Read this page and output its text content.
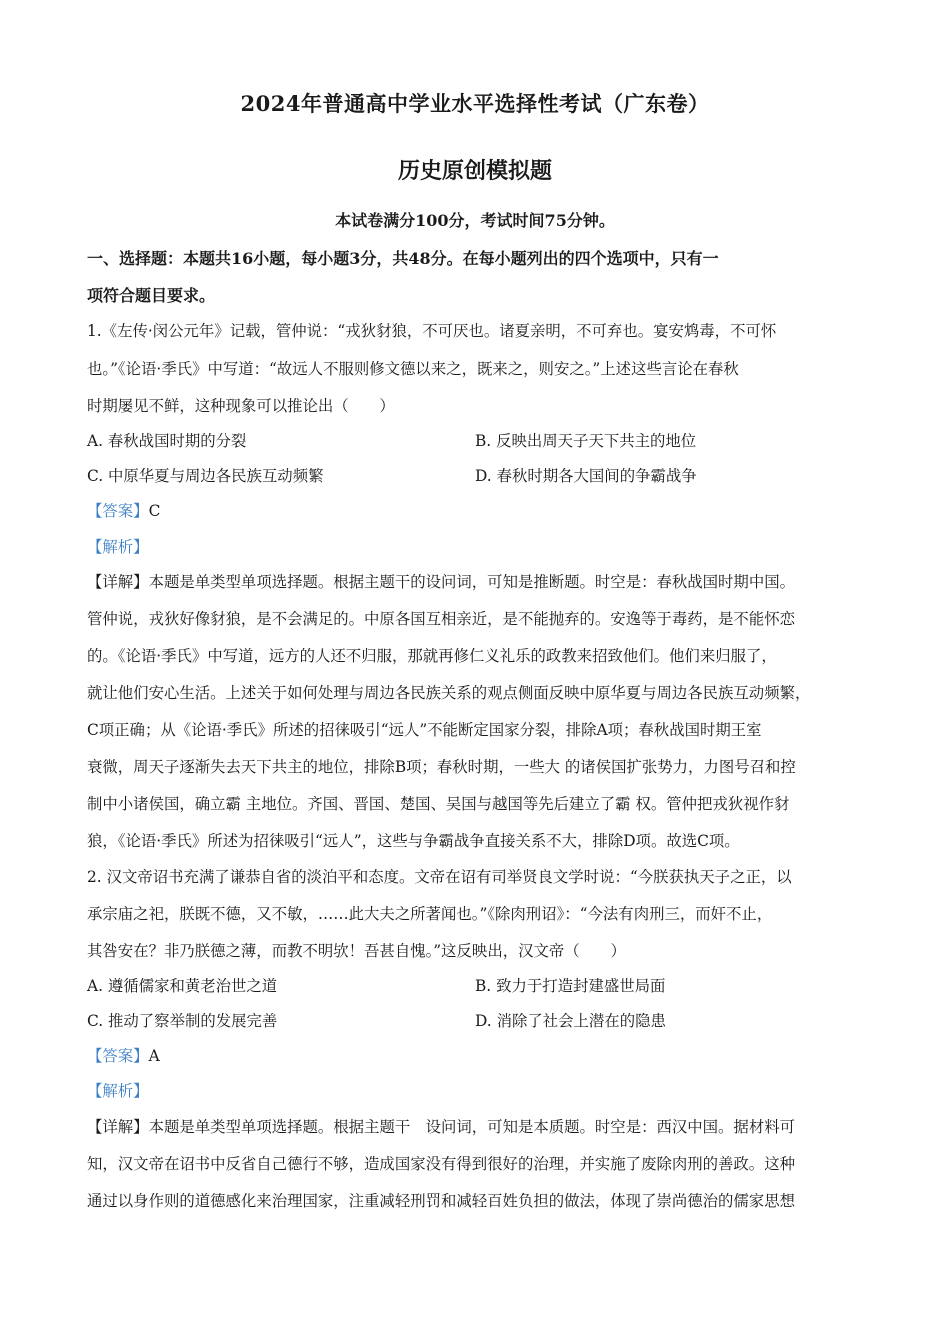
2024年普通高中学业水平选择性考试（广东卷）
历史原创模拟题
本试卷满分100分，考试时间75分钟。
一、选择题：本题共16小题，每小题3分，共48分。在每小题列出的四个选项中，只有一
项符合题目要求。
1.《左传·闵公元年》记载，管仲说：“戎狄豺狼，不可厌也。诸夏亲明，不可弃也。宴安鸩毒，不可怀
也。”《论语·季氏》中写道：“故远人不服则修文德以来之，既来之，则安之。”上述这些言论在春秋
时期屡见不鲜，这种现象可以推论出（　　）
A. 春秋战国时期的分裂	B. 反映出周天子天下共主的地位
C. 中原华夏与周边各民族互动频繁	D. 春秋时期各大国间的争霸战争
【答案】C
【解析】
【详解】本题是单类型单项选择题。根据主题干的设问词，可知是推断题。时空是：春秋战国时期中国。
管仲说，戎狄好像豺狼，是不会满足的。中原各国互相亲近，是不能抛弃的。安逸等于毒药，是不能怀恋
的。《论语·季氏》中写道，远方的人还不归服，那就再修仁义礼乐的政教来招致他们。他们来归服了，
就让他们安心生活。上述关于如何处理与周边各民族关系的观点侧面反映中原华夏与周边各民族互动频繁，
C项正确；从《论语·季氏》所述的招徕吸引“远人”不能断定国家分裂，排除A项；春秋战国时期王室
衰微，周天子逐渐失去天下共主的地位，排除B项；春秋时期，一些大 的诸侯国扩张势力，力图号召和控
制中小诸侯国，确立霸 主地位。齐国、晋国、楚国、吴国与越国等先后建立了霸 权。管仲把戎狄视作豺
狼，《论语·季氏》所述为招徕吸引“远人”，这些与争霸战争直接关系不大，排除D项。故选C项。
2. 汉文帝诏书充满了谦恭自省的淡泊平和态度。文帝在诏有司举贤良文学时说：“今朕获执天子之正，以
承宗庙之祀，朕既不德，又不敏，……此大夫之所著闻也。”《除肉刑诏》：“今法有肉刑三，而奸不止，
其咎安在？非乃朕德之薄，而教不明欤！吾甚自愧。”这反映出，汉文帝（　　）
A. 遵循儒家和黄老治世之道	B. 致力于打造封建盛世局面
C. 推动了察举制的发展完善	D. 消除了社会上潜在的隐患
【答案】A
【解析】
【详解】本题是单类型单项选择题。根据主题干　设问词，可知是本质题。时空是：西汉中国。据材料可
知，汉文帝在诏书中反省自己德行不够，造成国家没有得到很好的治理，并实施了废除肉刑的善政。这种
通过以身作则的道德感化来治理国家，注重减轻刑罚和减轻百姓负担的做法，体现了崇尚德治的儒家思想
